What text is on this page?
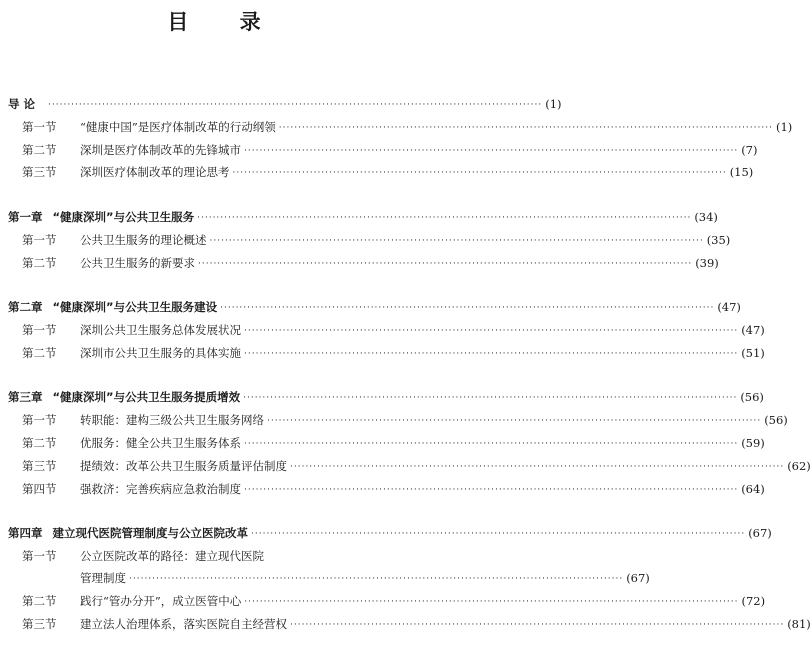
目 录
导 论 ·····	(1)
第一节	“健康中国”是医疗体制改革的行动纲领 ·····	(1)
第二节	深圳是医疗体制改革的先锋城市 ·····	(7)
第三节	深圳医疗体制改革的理论思考 ·····	(15)
第一章 “健康深圳”与公共卫生服务 ·····	(34)
第一节	公共卫生服务的理论概述 ·····	(35)
第二节	公共卫生服务的新要求 ·····	(39)
第二章 “健康深圳”与公共卫生服务建设 ·····	(47)
第一节	深圳公共卫生服务总体发展状况 ·····	(47)
第二节	深圳市公共卫生服务的具体实施 ·····	(51)
第三章 “健康深圳”与公共卫生服务提质增效 ·····	(56)
第一节	转职能：建构三级公共卫生服务网络 ·····	(56)
第二节	优服务：健全公共卫生服务体系 ·····	(59)
第三节	提绩效：改革公共卫生服务质量评估制度 ·····	(62)
第四节	强救济：完善疾病应急救治制度 ·····	(64)
第四章 建立现代医院管理制度与公立医院改革 ·····	(67)
第一节	公立医院改革的路径：建立现代医院
管理制度 ·····	(67)
第二节	践行“管办分开”，成立医管中心 ·····	(72)
第三节	建立法人治理体系，落实医院自主经营权 ·····	(81)
